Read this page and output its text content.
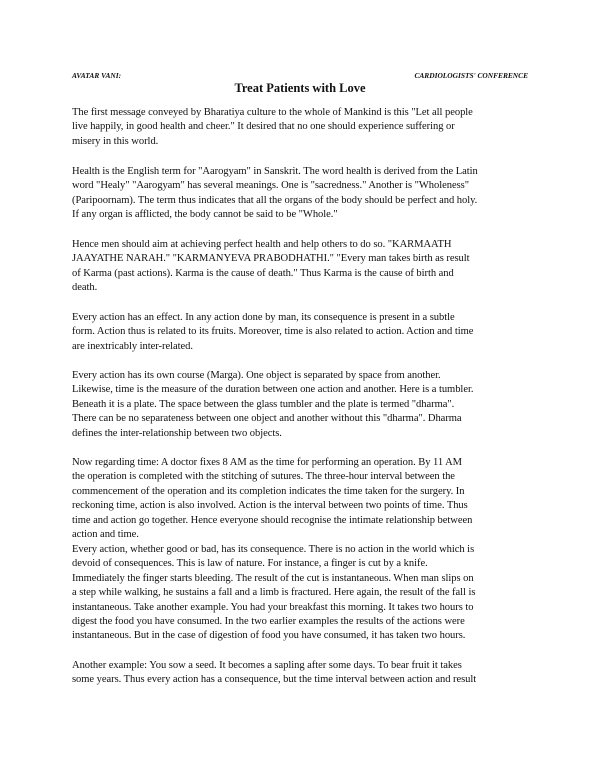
AVATAR VANI:	CARDIOLOGISTS' CONFERENCE
Treat Patients with Love
The first message conveyed by Bharatiya culture to the whole of Mankind is this "Let all people
live happily, in good health and cheer." It desired that no one should experience suffering or
misery in this world.
Health is the English term for "Aarogyam" in Sanskrit. The word health is derived from the Latin
word "Healy" "Aarogyam" has several meanings. One is "sacredness." Another is "Wholeness"
(Paripoornam). The term thus indicates that all the organs of the body should be perfect and holy.
If any organ is afflicted, the body cannot be said to be "Whole."
Hence men should aim at achieving perfect health and help others to do so. "KARMAATH
JAAYATHE NARAH." "KARMANYEVA PRABODHATHI." "Every man takes birth as result
of Karma (past actions). Karma is the cause of death." Thus Karma is the cause of birth and
death.
Every action has an effect. In any action done by man, its consequence is present in a subtle
form. Action thus is related to its fruits. Moreover, time is also related to action. Action and time
are inextricably inter-related.
Every action has its own course (Marga). One object is separated by space from another.
Likewise, time is the measure of the duration between one action and another. Here is a tumbler.
Beneath it is a plate. The space between the glass tumbler and the plate is termed "dharma".
There can be no separateness between one object and another without this "dharma". Dharma
defines the inter-relationship between two objects.
Now regarding time: A doctor fixes 8 AM as the time for performing an operation. By 11 AM
the operation is completed with the stitching of sutures. The three-hour interval between the
commencement of the operation and its completion indicates the time taken for the surgery. In
reckoning time, action is also involved. Action is the interval between two points of time. Thus
time and action go together. Hence everyone should recognise the intimate relationship between
action and time.
Every action, whether good or bad, has its consequence. There is no action in the world which is
devoid of consequences. This is law of nature. For instance, a finger is cut by a knife.
Immediately the finger starts bleeding. The result of the cut is instantaneous. When man slips on
a step while walking, he sustains a fall and a limb is fractured. Here again, the result of the fall is
instantaneous. Take another example. You had your breakfast this morning. It takes two hours to
digest the food you have consumed. In the two earlier examples the results of the actions were
instantaneous. But in the case of digestion of food you have consumed, it has taken two hours.
Another example: You sow a seed. It becomes a sapling after some days. To bear fruit it takes
some years. Thus every action has a consequence, but the time interval between action and result
